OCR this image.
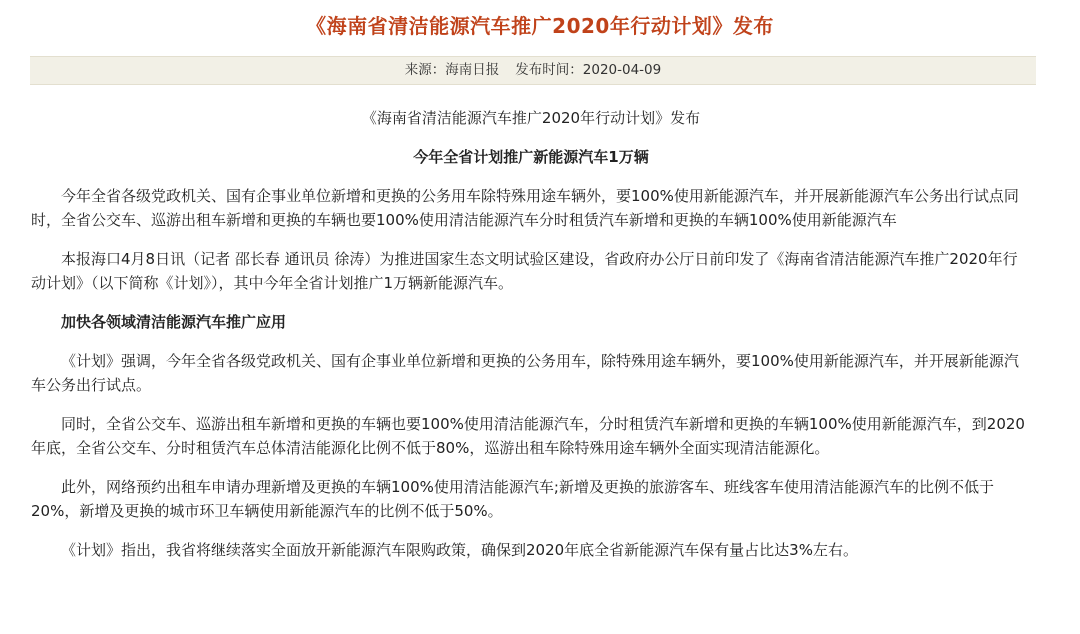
《海南省清洁能源汽车推广2020年行动计划》发布
来源：海南日报 发布时间：2020-04-09

《海南省清洁能源汽车推广2020年行动计划》发布

今年全省计划推广新能源汽车1万辆

今年全省各级党政机关、国有企事业单位新增和更换的公务用车除特殊用途车辆外，要100%使用新能源汽车，并开展新能源汽车公务出行试点同时，全省公交车、巡游出租车新增和更换的车辆也要100%使用清洁能源汽车分时租赁汽车新增和更换的车辆100%使用新能源汽车

本报海口4月8日讯（记者 邵长春 通讯员 徐涛）为推进国家生态文明试验区建设，省政府办公厅日前印发了《海南省清洁能源汽车推广2020年行动计划》（以下简称《计划》），其中今年全省计划推广1万辆新能源汽车。

加快各领域清洁能源汽车推广应用

《计划》强调，今年全省各级党政机关、国有企事业单位新增和更换的公务用车，除特殊用途车辆外，要100%使用新能源汽车，并开展新能源汽车公务出行试点。

同时，全省公交车、巡游出租车新增和更换的车辆也要100%使用清洁能源汽车，分时租赁汽车新增和更换的车辆100%使用新能源汽车，到2020年底，全省公交车、分时租赁汽车总体清洁能源化比例不低于80%，巡游出租车除特殊用途车辆外全面实现清洁能源化。

此外，网络预约出租车申请办理新增及更换的车辆100%使用清洁能源汽车;新增及更换的旅游客车、班线客车使用清洁能源汽车的比例不低于20%，新增及更换的城市环卫车辆使用新能源汽车的比例不低于50%。

《计划》指出，我省将继续落实全面放开新能源汽车限购政策，确保到2020年底全省新能源汽车保有量占比达3%左右。
